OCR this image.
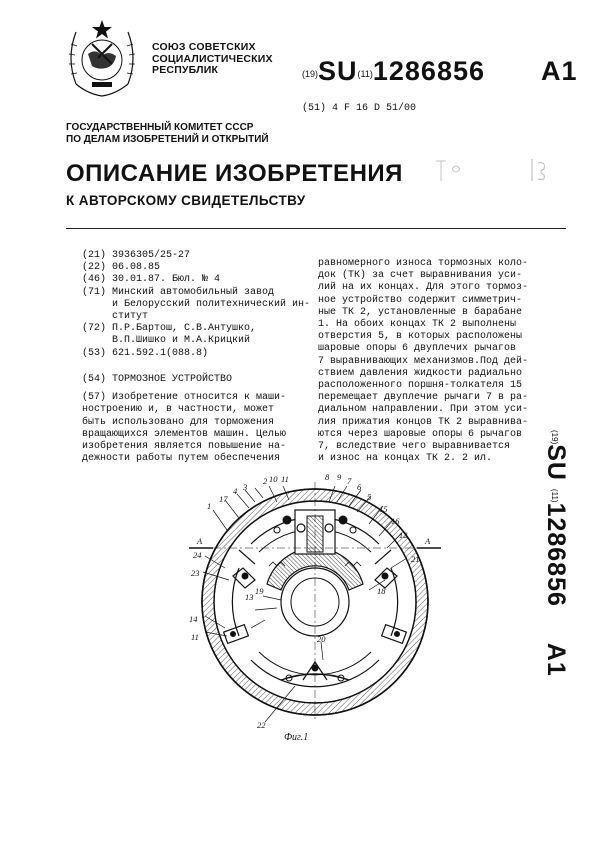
СОЮЗ СОВЕТСКИХ
СОЦИАЛИСТИЧЕСКИХ
РЕСПУБЛИК	(19)SU(11)1286856 A1
(51) 4 F 16 D 51/00
ГОСУДАРСТВЕННЫЙ КОМИТЕТ СССР
ПО ДЕЛАМ ИЗОБРЕТЕНИЙ И ОТКРЫТИЙ
ОПИСАНИЕ ИЗОБРЕТЕНИЯ
К АВТОРСКОМУ СВИДЕТЕЛЬСТВУ
(21) 3936305/25-27
(22) 06.08.85
(46) 30.01.87. Бюл. № 4
(71) Минский автомобильный завод
и Белорусский политехнический ин-
ститут
(72) П.Р.Бартош, С.В.Антушко,
В.П.Шишко и М.А.Крицкий
(53) 621.592.1(088.8)
(54) ТОРМОЗНОЕ УСТРОЙСТВО
(57) Изобретение относится к маши-
ностроению и, в частности, может
быть использовано для торможения
вращающихся элементов машин. Целью
изобретения является повышение на-
дежности работы путем обеспечения
равномерного износа тормозных коло-
док (ТК) за счет выравнивания уси-
лий на их концах. Для этого тормоз-
ное устройство содержит симметрич-
ные ТК 2, установленные в барабане
1. На обоих концах ТК 2 выполнены
отверстия 5, в которых расположены
шаровые опоры 6 двуплечих рычагов
7 выравнивающих механизмов.Под дей-
ствием давления жидкости радиально
расположенного поршня-толкателя 15
перемещает двуплечие рычаги 7 в ра-
диальном направлении. При этом уси-
лия прижатия концов ТК 2 выравнива-
ются через шаровые опоры 6 рычагов
7, вследствие чего выравнивается
и износ на концах ТК 2. 2 ил.
(19)SU (11)1286856 A1
1
2
3
4
5
6
7
8 9
10 11
12
13
14
15
16
17
18
19
20
21
22
23
24
11
А	А
Фиг.1
